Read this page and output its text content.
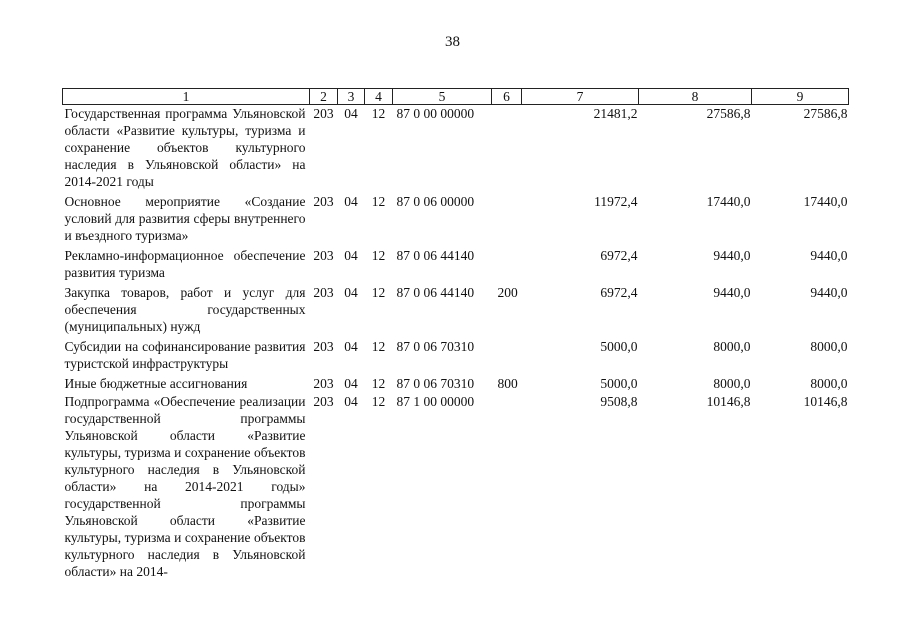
38
1	2	3	4	5	6	7	8	9
Государственная программа Ульяновской области «Развитие культуры, туризма и сохранение объектов культурного наследия в Ульяновской области» на 2014-2021 годы	203	04	12	87 0 00 00000		21481,2	27586,8	27586,8
Основное мероприятие «Создание условий для развития сферы внутреннего и въездного туризма»	203	04	12	87 0 06 00000		11972,4	17440,0	17440,0
Рекламно-информационное обеспечение развития туризма	203	04	12	87 0 06 44140		6972,4	9440,0	9440,0
Закупка товаров, работ и услуг для обеспечения государственных (муниципальных) нужд	203	04	12	87 0 06 44140	200	6972,4	9440,0	9440,0
Субсидии на софинансирование развития туристской инфраструктуры	203	04	12	87 0 06 70310		5000,0	8000,0	8000,0
Иные бюджетные ассигнования	203	04	12	87 0 06 70310	800	5000,0	8000,0	8000,0
Подпрограмма «Обеспечение реализации государственной программы Ульяновской области «Развитие культуры, туризма и сохранение объектов культурного наследия в Ульяновской области» на 2014-2021 годы» государственной программы Ульяновской области «Развитие культуры, туризма и сохранение объектов культурного наследия в Ульяновской области» на 2014-	203	04	12	87 1 00 00000		9508,8	10146,8	10146,8
